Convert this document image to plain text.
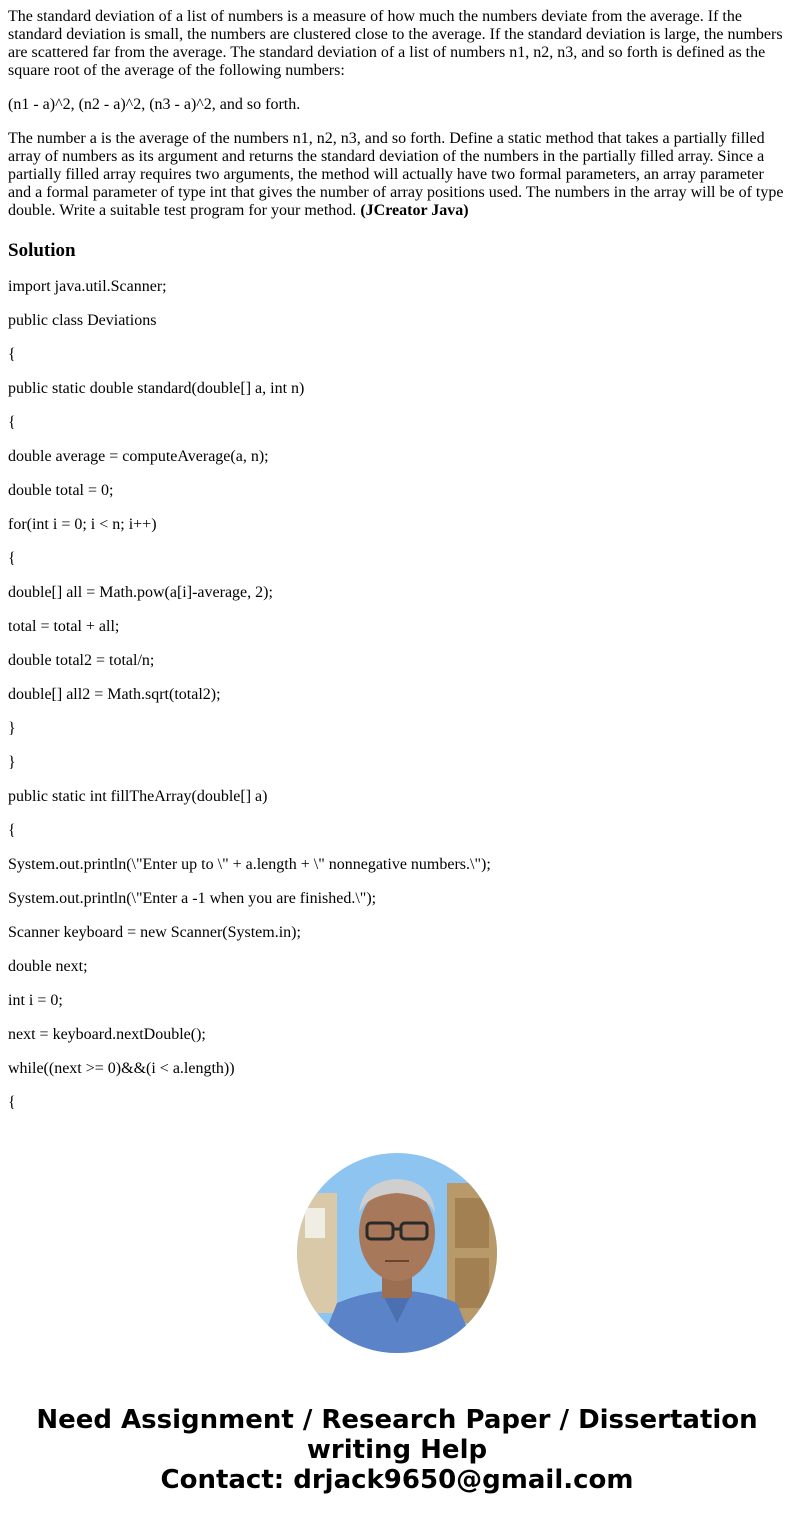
The standard deviation of a list of numbers is a measure of how much the numbers deviate from the average. If the standard deviation is small, the numbers are clustered close to the average. If the standard deviation is large, the numbers are scattered far from the average. The standard deviation of a list of numbers n1, n2, n3, and so forth is defined as the square root of the average of the following numbers:

(n1 - a)^2, (n2 - a)^2, (n3 - a)^2, and so forth.

The number a is the average of the numbers n1, n2, n3, and so forth. Define a static method that takes a partially filled array of numbers as its argument and returns the standard deviation of the numbers in the partially filled array. Since a partially filled array requires two arguments, the method will actually have two formal parameters, an array parameter and a formal parameter of type int that gives the number of array positions used. The numbers in the array will be of type double. Write a suitable test program for your method. (JCreator Java)

Solution

import java.util.Scanner;

public class Deviations

{

public static double standard(double[] a, int n)

{

double average = computeAverage(a, n);

double total = 0;

for(int i = 0; i < n; i++)

{

double[] all = Math.pow(a[i]-average, 2);

total = total + all;

double total2 = total/n;

double[] all2 = Math.sqrt(total2);

}

}

public static int fillTheArray(double[] a)

{

System.out.println(\"Enter up to \" + a.length + \" nonnegative numbers.\");

System.out.println(\"Enter a -1 when you are finished.\");

Scanner keyboard = new Scanner(System.in);

double next;

int i = 0;

next = keyboard.nextDouble();

while((next >= 0)&&(i < a.length))

{

Need Assignment / Research Paper / Dissertation
writing Help
Contact: drjack9650@gmail.com
